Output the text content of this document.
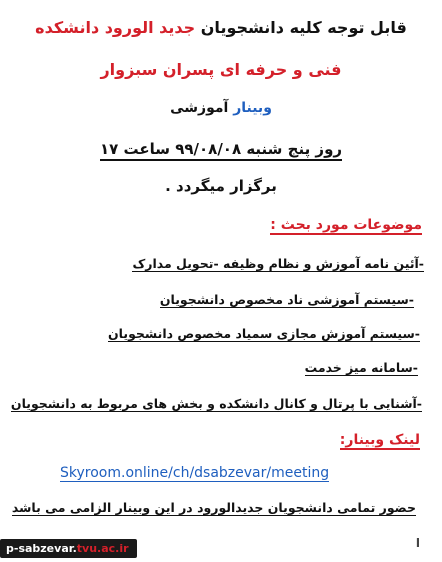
قابل توجه کلیه دانشجویان جدید الورود دانشکده
فنی و حرفه ای پسران سبزوار
وبینار آموزشی
روز پنج شنبه ۹۹/۰۸/۰۸ ساعت ۱۷
برگزار میگردد .
موضوعات مورد بحث :
-آئین نامه آموزش و نظام وظیفه -تحویل مدارک
-سیستم آموزشی ناد مخصوص دانشجویان
-سیستم آموزش مجازی سمیاد مخصوص دانشجویان
-سامانه میز خدمت
-آشنایی با پرتال و کانال دانشکده و بخش های مربوط به دانشجویان
لینک وبینار:
Skyroom.online/ch/dsabzevar/meeting
حضور تمامی دانشجویان جدیدالورود در این وبینار الزامی می باشد
ا
p-sabzevar.tvu.ac.ir
